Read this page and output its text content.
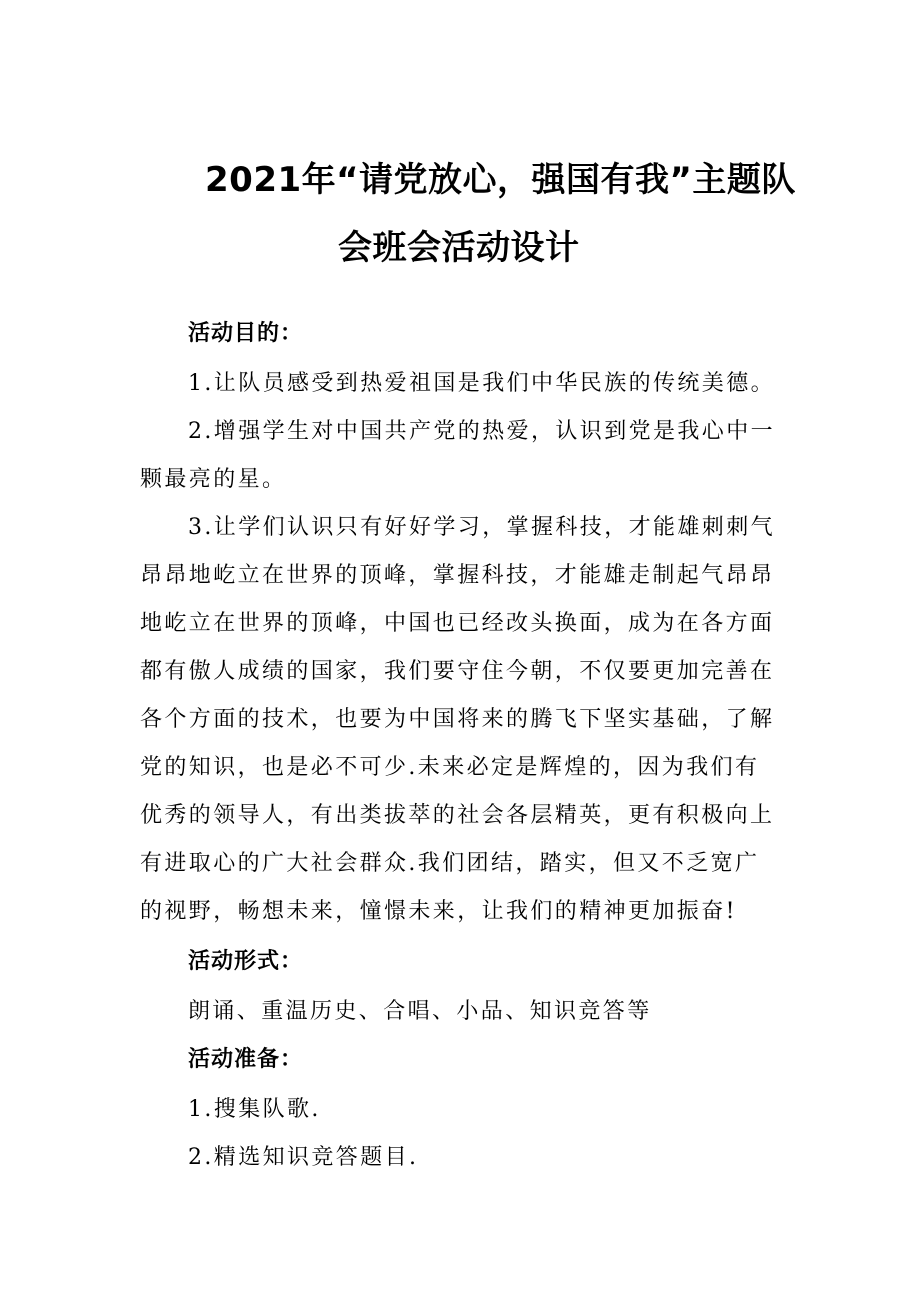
2021年“请党放心，强国有我”主题队
会班会活动设计
活动目的：
1.让队员感受到热爱祖国是我们中华民族的传统美德。
2.增强学生对中国共产党的热爱，认识到党是我心中一
颗最亮的星。
3.让学们认识只有好好学习，掌握科技，才能雄刺刺气
昂昂地屹立在世界的顶峰，掌握科技，才能雄走制起气昂昂
地屹立在世界的顶峰，中国也已经改头换面，成为在各方面
都有傲人成绩的国家，我们要守住今朝，不仅要更加完善在
各个方面的技术，也要为中国将来的腾飞下坚实基础，了解
党的知识，也是必不可少.未来必定是辉煌的，因为我们有
优秀的领导人，有出类拔萃的社会各层精英，更有积极向上
有进取心的广大社会群众.我们团结，踏实，但又不乏宽广
的视野，畅想未来，憧憬未来，让我们的精神更加振奋!
活动形式：
朗诵、重温历史、合唱、小品、知识竞答等
活动准备：
1.搜集队歌.
2.精选知识竞答题目.
